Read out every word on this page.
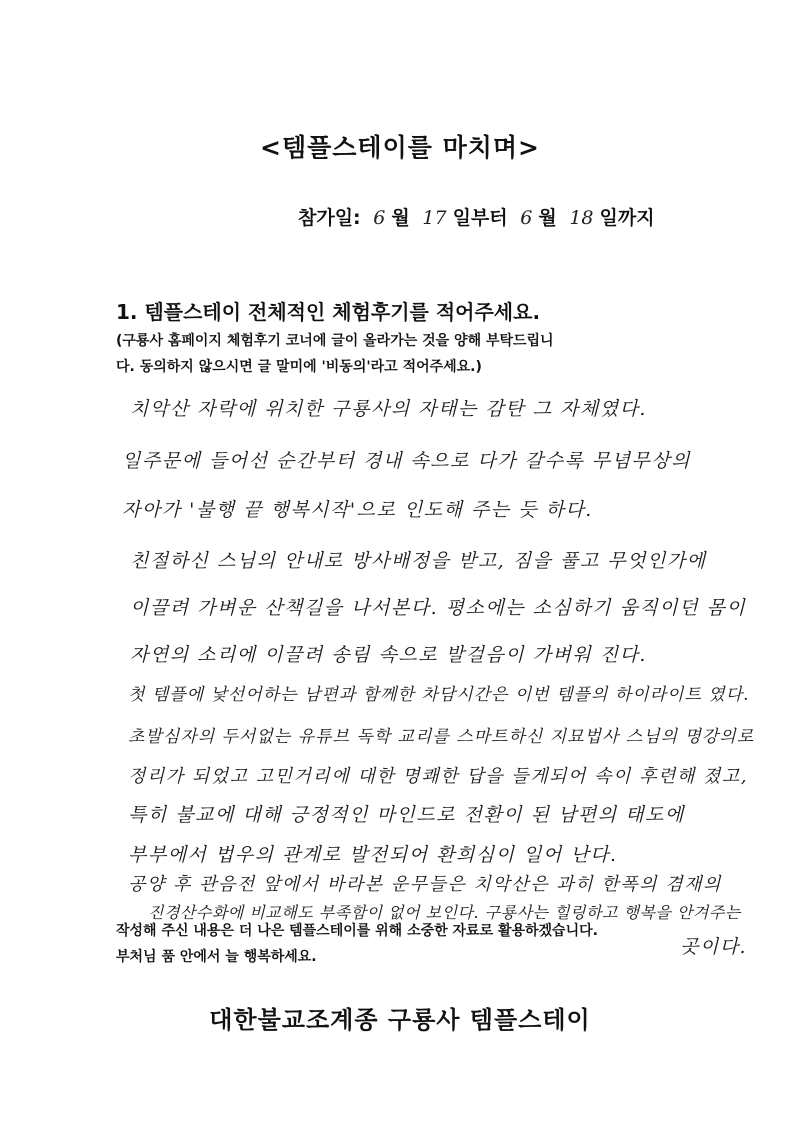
<템플스테이를 마치며>
참가일: 6 월 17 일부터 6 월 18 일까지
1. 템플스테이 전체적인 체험후기를 적어주세요.
(구룡사 홈페이지 체험후기 코너에 글이 올라가는 것을 양해 부탁드립니
다. 동의하지 않으시면 글 말미에 '비동의'라고 적어주세요.)
치악산 자락에 위치한 구룡사의 자태는 감탄 그 자체였다.
일주문에 들어선 순간부터 경내 속으로 다가 갈수록 무념무상의
자아가 '불행 끝 행복시작'으로 인도해 주는 듯 하다.
친절하신 스님의 안내로 방사배정을 받고, 짐을 풀고 무엇인가에
이끌려 가벼운 산책길을 나서본다. 평소에는 소심하기 움직이던 몸이
자연의 소리에 이끌려 송림 속으로 발걸음이 가벼워 진다.
첫 템플에 낯선어하는 남편과 함께한 차담시간은 이번 템플의 하이라이트 였다.
초발심자의 두서없는 유튜브 독학 교리를 스마트하신 지묘법사 스님의 명강의로
정리가 되었고 고민거리에 대한 명쾌한 답을 들게되어 속이 후련해 졌고,
특히 불교에 대해 긍정적인 마인드로 전환이 된 남편의 태도에
부부에서 법우의 관계로 발전되어 환희심이 일어 난다.
공양 후 관음전 앞에서 바라본 운무들은 치악산은 과히 한폭의 겸재의
진경산수화에 비교해도 부족함이 없어 보인다. 구룡사는 힐링하고 행복을 안겨주는
곳이다.
작성해 주신 내용은 더 나은 템플스테이를 위해 소중한 자료로 활용하겠습니다.
부처님 품 안에서 늘 행복하세요.
대한불교조계종 구룡사 템플스테이
